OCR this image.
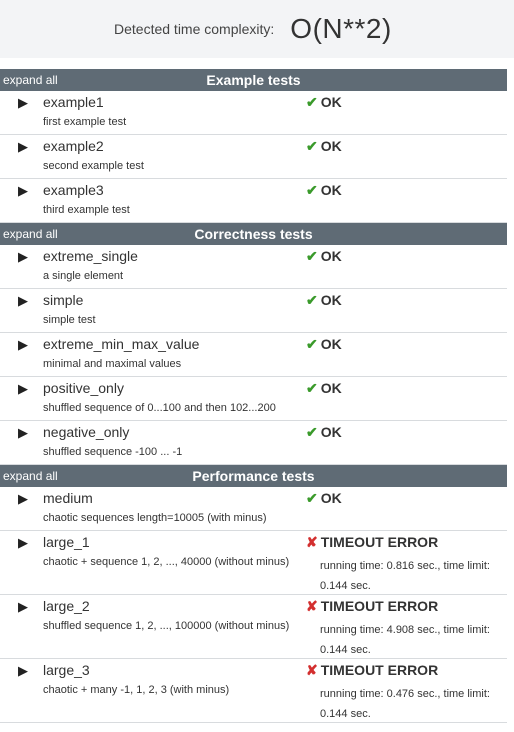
Detected time complexity: O(N**2)
expand all	Example tests
▶ example1
first example test
✔ OK
▶ example2
second example test
✔ OK
▶ example3
third example test
✔ OK
expand all	Correctness tests
▶ extreme_single
a single element
✔ OK
▶ simple
simple test
✔ OK
▶ extreme_min_max_value
minimal and maximal values
✔ OK
▶ positive_only
shuffled sequence of 0...100 and then 102...200
✔ OK
▶ negative_only
shuffled sequence -100 ... -1
✔ OK
expand all	Performance tests
▶ medium
chaotic sequences length=10005 (with minus)
✔ OK
▶ large_1
chaotic + sequence 1, 2, ..., 40000 (without minus)
✘ TIMEOUT ERROR
running time: 0.816 sec., time limit: 0.144 sec.
▶ large_2
shuffled sequence 1, 2, ..., 100000 (without minus)
✘ TIMEOUT ERROR
running time: 4.908 sec., time limit: 0.144 sec.
▶ large_3
chaotic + many -1, 1, 2, 3 (with minus)
✘ TIMEOUT ERROR
running time: 0.476 sec., time limit: 0.144 sec.
